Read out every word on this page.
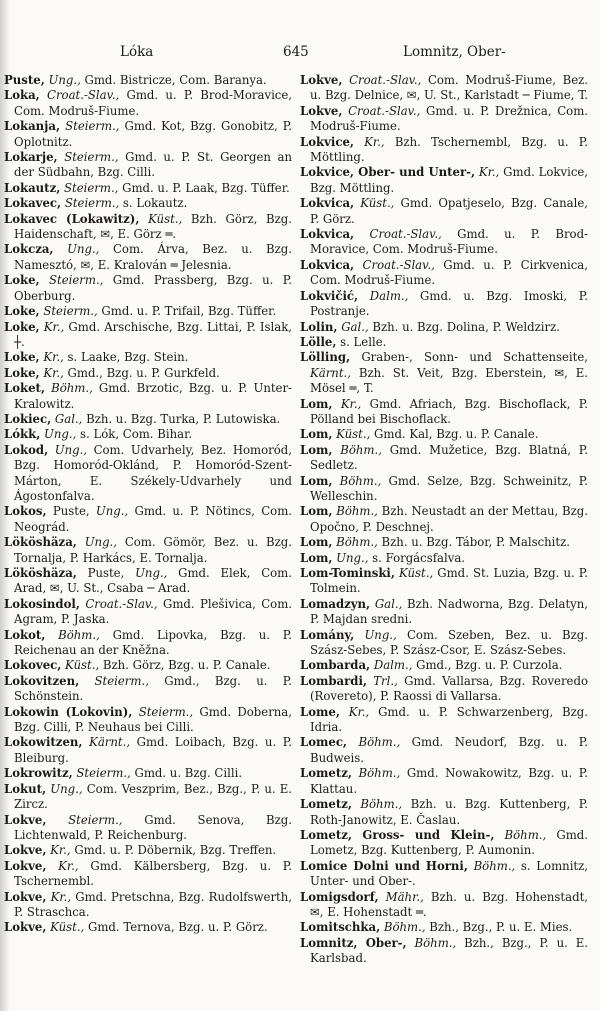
Lóka	645	Lomnitz, Ober-

Puste, Ung., Gmd. Bistricze, Com. Baranya.

Loka, Croat.-Slav., Gmd. u. P. Brod-Moravice, Com. Modruš-Fiume.

Lokanja, Steierm., Gmd. Kot, Bzg. Gonobitz, P. Oplotnitz.

Lokarje, Steierm., Gmd. u. P. St. Georgen an der Südbahn, Bzg. Cilli.

Lokautz, Steierm., Gmd. u. P. Laak, Bzg. Tüffer.

Lokavec, Steierm., s. Lokautz.

Lokavec (Lokawitz), Küst., Bzh. Görz, Bzg. Haidenschaft, ✉, E. Görz ═.

Lokcza, Ung., Com. Árva, Bez. u. Bzg. Namesztó, ✉, E. Kralován ═ Jelesnia.

Loke, Steierm., Gmd. Prassberg, Bzg. u. P. Oberburg.

Loke, Steierm., Gmd. u. P. Trifail, Bzg. Tüffer.

Loke, Kr., Gmd. Arschische, Bzg. Littai, P. Islak, ┼.

Loke, Kr., s. Laake, Bzg. Stein.

Loke, Kr., Gmd., Bzg. u. P. Gurkfeld.

Loket, Böhm., Gmd. Brzotic, Bzg. u. P. Unter-Kralowitz.

Lokiec, Gal., Bzh. u. Bzg. Turka, P. Lutowiska.

Lókk, Ung., s. Lók, Com. Bihar.

Lokod, Ung., Com. Udvarhely, Bez. Homoród, Bzg. Homoród-Oklánd, P. Homoród-Szent-Márton, E. Székely-Udvarhely und Ágostonfalva.

Lokos, Puste, Ung., Gmd. u. P. Nötincs, Com. Neográd.

Lököshäza, Ung., Com. Gömör, Bez. u. Bzg. Tornalja, P. Harkács, E. Tornalja.

Lököshäza, Puste, Ung., Gmd. Elek, Com. Arad, ✉, U. St., Csaba ─ Arad.

Lokosindol, Croat.-Slav., Gmd. Plešivica, Com. Agram, P. Jaska.

Lokot, Böhm., Gmd. Lipovka, Bzg. u. P. Reichenau an der Kněžna.

Lokovec, Küst., Bzh. Görz, Bzg. u. P. Canale.

Lokovitzen, Steierm., Gmd., Bzg. u. P. Schönstein.

Lokowin (Lokovin), Steierm., Gmd. Doberna, Bzg. Cilli, P. Neuhaus bei Cilli.

Lokowitzen, Kärnt., Gmd. Loibach, Bzg. u. P. Bleiburg.

Lokrowitz, Steierm., Gmd. u. Bzg. Cilli.

Lokut, Ung., Com. Veszprim, Bez., Bzg., P. u. E. Zircz.

Lokve, Steierm., Gmd. Senova, Bzg. Lichtenwald, P. Reichenburg.

Lokve, Kr., Gmd. u. P. Döbernik, Bzg. Treffen.

Lokve, Kr., Gmd. Kälbersberg, Bzg. u. P. Tschernembl.

Lokve, Kr., Gmd. Pretschna, Bzg. Rudolfswerth, P. Straschca.

Lokve, Küst., Gmd. Ternova, Bzg. u. P. Görz.

Lokve, Croat.-Slav., Com. Modruš-Fiume, Bez. u. Bzg. Delnice, ✉, U. St., Karlstadt ─ Fiume, T.

Lokve, Croat.-Slav., Gmd. u. P. Drežnica, Com. Modruš-Fiume.

Lokvice, Kr., Bzh. Tschernembl, Bzg. u. P. Möttling.

Lokvice, Ober- und Unter-, Kr., Gmd. Lokvice, Bzg. Möttling.

Lokvica, Küst., Gmd. Opatjeselo, Bzg. Canale, P. Görz.

Lokvica, Croat.-Slav., Gmd. u. P. Brod-Moravice, Com. Modruš-Fiume.

Lokvica, Croat.-Slav., Gmd. u. P. Cirkvenica, Com. Modruš-Fiume.

Lokvičić, Dalm., Gmd. u. Bzg. Imoski, P. Postranje.

Lolin, Gal., Bzh. u. Bzg. Dolina, P. Weldzirz.

Lölle, s. Lelle.

Lölling, Graben-, Sonn- und Schattenseite, Kärnt., Bzh. St. Veit, Bzg. Eberstein, ✉, E. Mösel ═, T.

Lom, Kr., Gmd. Afriach, Bzg. Bischoflack, P. Pölland bei Bischoflack.

Lom, Küst., Gmd. Kal, Bzg. u. P. Canale.

Lom, Böhm., Gmd. Mužetice, Bzg. Blatná, P. Sedletz.

Lom, Böhm., Gmd. Selze, Bzg. Schweinitz, P. Welleschin.

Lom, Böhm., Bzh. Neustadt an der Mettau, Bzg. Opočno, P. Deschnej.

Lom, Böhm., Bzh. u. Bzg. Tábor, P. Malschitz.

Lom, Ung., s. Forgácsfalva.

Lom-Tominski, Küst., Gmd. St. Luzia, Bzg. u. P. Tolmein.

Lomadzyn, Gal., Bzh. Nadworna, Bzg. Delatyn, P. Majdan sredni.

Lomány, Ung., Com. Szeben, Bez. u. Bzg. Szász-Sebes, P. Szász-Csor, E. Szász-Sebes.

Lombarda, Dalm., Gmd., Bzg. u. P. Curzola.

Lombardi, Trl., Gmd. Vallarsa, Bzg. Roveredo (Rovereto), P. Raossi di Vallarsa.

Lome, Kr., Gmd. u. P. Schwarzenberg, Bzg. Idria.

Lomec, Böhm., Gmd. Neudorf, Bzg. u. P. Budweis.

Lometz, Böhm., Gmd. Nowakowitz, Bzg. u. P. Klattau.

Lometz, Böhm., Bzh. u. Bzg. Kuttenberg, P. Roth-Janowitz, E. Časlau.

Lometz, Gross- und Klein-, Böhm., Gmd. Lometz, Bzg. Kuttenberg, P. Aumonin.

Lomice Dolni und Horni, Böhm., s. Lomnitz, Unter- und Ober-.

Lomigsdorf, Mähr., Bzh. u. Bzg. Hohenstadt, ✉, E. Hohenstadt ═.

Lomitschka, Böhm., Bzh., Bzg., P. u. E. Mies.

Lomnitz, Ober-, Böhm., Bzh., Bzg., P. u. E. Karlsbad.
